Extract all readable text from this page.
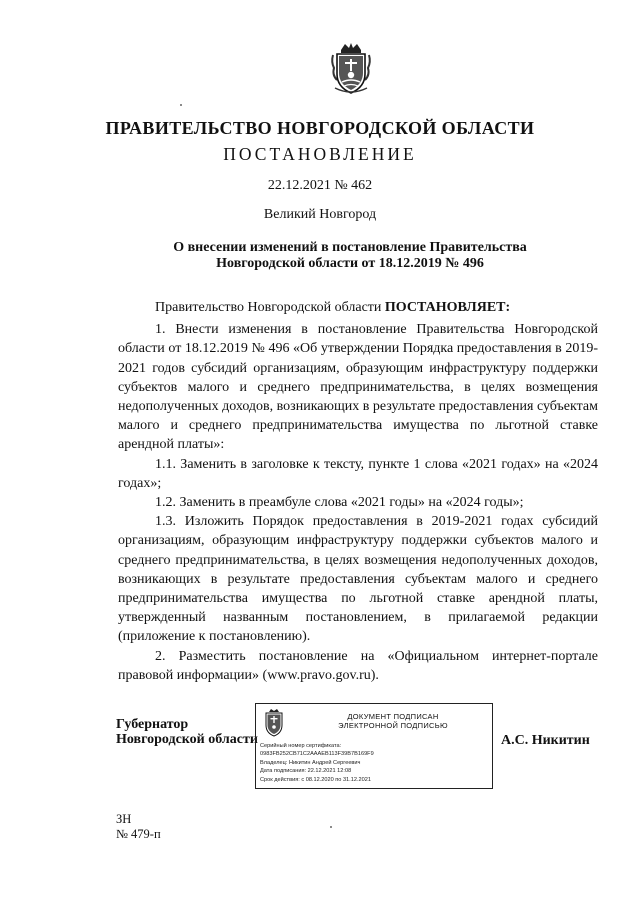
ПРАВИТЕЛЬСТВО НОВГОРОДСКОЙ ОБЛАСТИ
ПОСТАНОВЛЕНИЕ
22.12.2021 № 462
Великий Новгород
О внесении изменений в постановление Правительства
Новгородской области от 18.12.2019 № 496

Правительство Новгородской области ПОСТАНОВЛЯЕТ:

1. Внести изменения в постановление Правительства Новгородской области от 18.12.2019 № 496 «Об утверждении Порядка предоставления в 2019-2021 годов субсидий организациям, образующим инфраструктуру поддержки субъектов малого и среднего предпринимательства, в целях возмещения недополученных доходов, возникающих в результате предоставления субъектам малого и среднего предпринимательства имущества по льготной ставке арендной платы»:

1.1. Заменить в заголовке к тексту, пункте 1 слова «2021 годах» на «2024 годах»;

1.2. Заменить в преамбуле слова «2021 годы» на «2024 годы»;

1.3. Изложить Порядок предоставления в 2019-2021 годах субсидий организациям, образующим инфраструктуру поддержки субъектов малого и среднего предпринимательства, в целях возмещения недополученных доходов, возникающих в результате предоставления субъектам малого и среднего предпринимательства имущества по льготной ставке арендной платы, утвержденный названным постановлением, в прилагаемой редакции (приложение к постановлению).

2. Разместить постановление на «Официальном интернет-портале правовой информации» (www.pravo.gov.ru).

Губернатор
Новгородской области
ДОКУМЕНТ ПОДПИСАН
ЭЛЕКТРОННОЙ ПОДПИСЬЮ
Серийный номер сертификата:
0983FB252CB71C2AAAEB113F39B7B169F9
Владелец: Никитин Андрей Сергеевич
Дата подписания: 22.12.2021 12:08
Срок действия: с 08.12.2020 по 31.12.2021
А.С. Никитин
ЗН
№ 479-п
